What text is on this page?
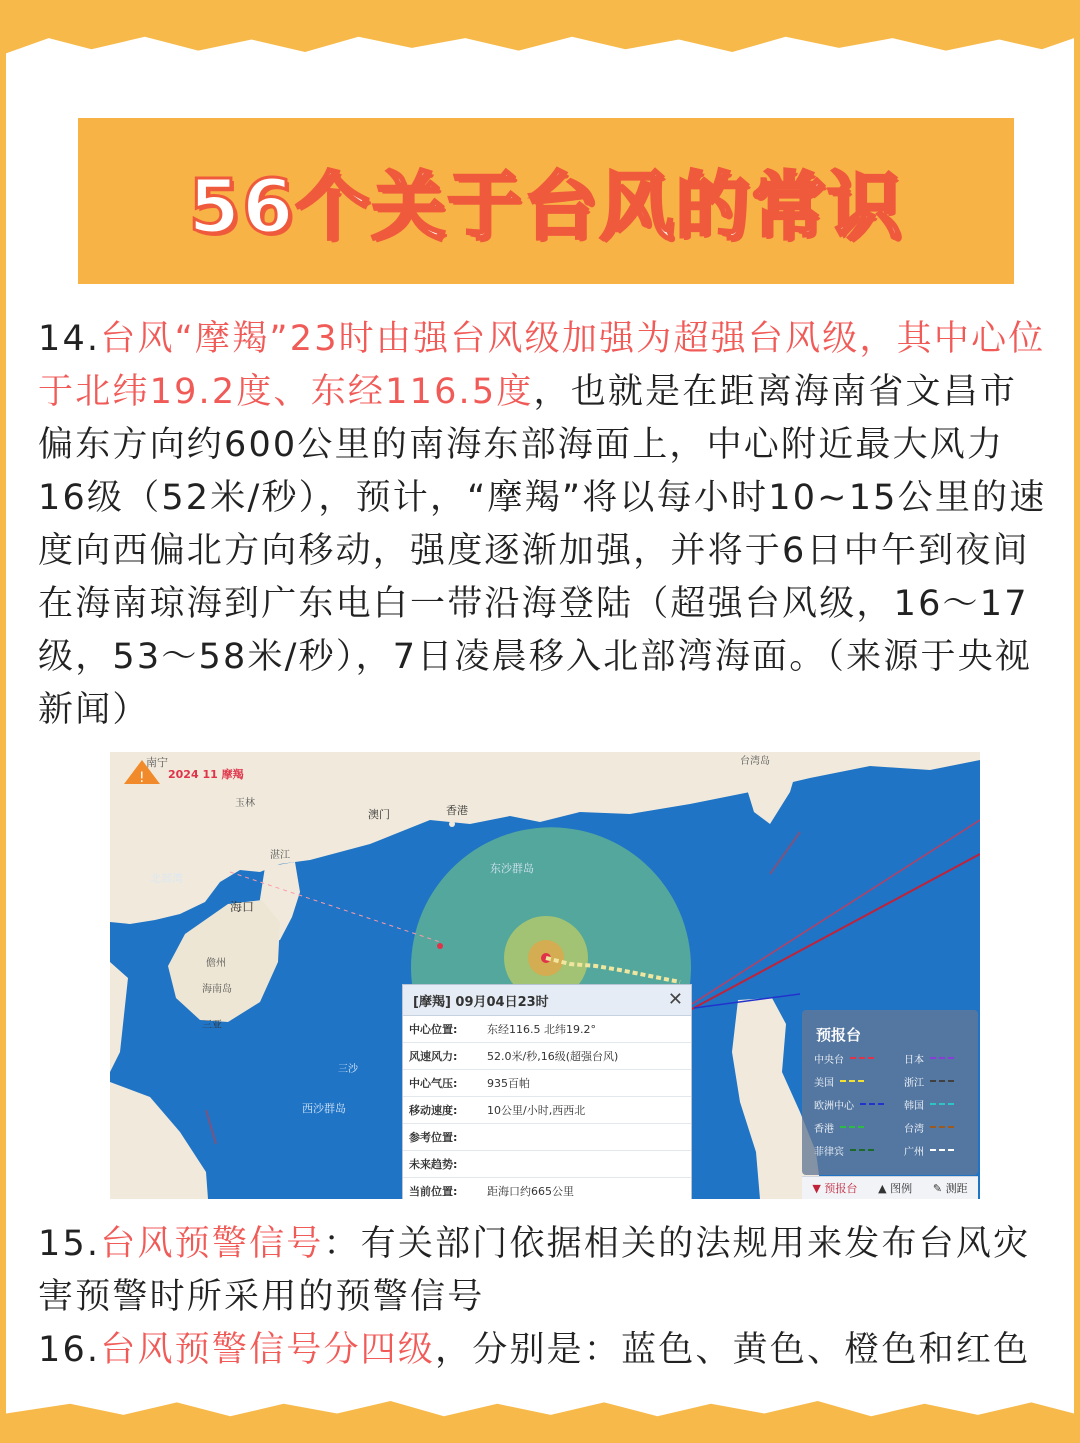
56个关于台风的常识
14.台风“摩羯”23时由强台风级加强为超强台风级，其中心位于北纬19.2度、东经116.5度，也就是在距离海南省文昌市偏东方向约600公里的南海东部海面上，中心附近最大风力16级（52米/秒），预计，“摩羯”将以每小时10~15公里的速度向西偏北方向移动，强度逐渐加强，并将于6日中午到夜间在海南琼海到广东电白一带沿海登陆（超强台风级，16～17级，53～58米/秒），7日凌晨移入北部湾海面。（来源于央视新闻）
! 2024 11 摩羯
南宁
玉林
湛江
北部湾
海口
儋州
海南岛
三亚
三沙
西沙群岛
澳门	香港
东沙群岛
台湾岛
[摩羯] 09月04日23时	✕
中心位置:	东经116.5 北纬19.2°
风速风力:	52.0米/秒,16级(超强台风)
中心气压:	935百帕
移动速度:	10公里/小时,西西北
参考位置:
未来趋势:
当前位置:	距海口约665公里
预报台
中央台	日本
美国	浙江
欧洲中心	韩国
香港	台湾
菲律宾	广州
▼ 预报台 ▲ 图例 ✎ 测距
15.台风预警信号：有关部门依据相关的法规用来发布台风灾害预警时所采用的预警信号
16.台风预警信号分四级，分别是：蓝色、黄色、橙色和红色
